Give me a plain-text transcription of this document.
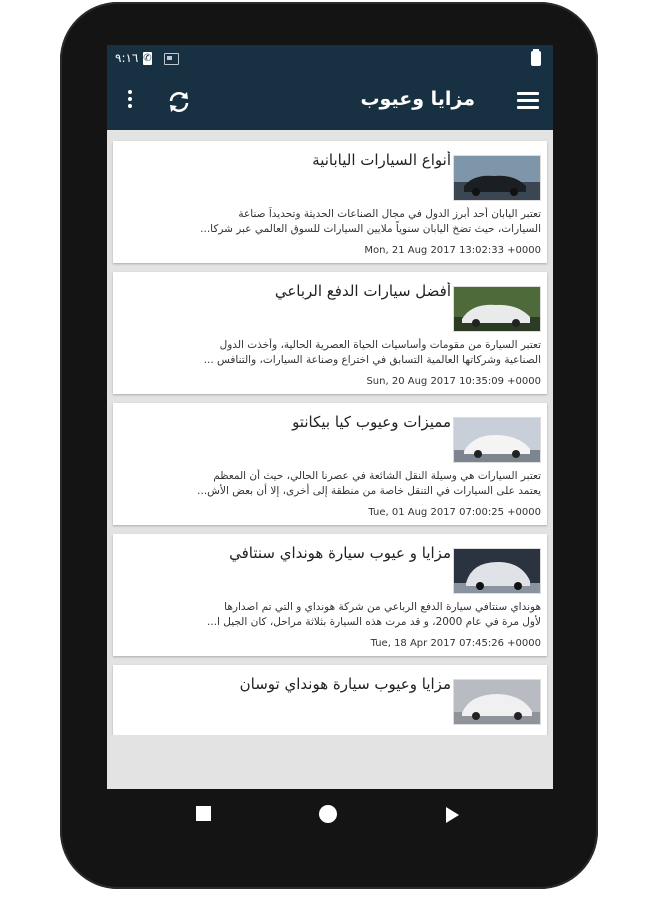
٩:١٦ ✆
مزايا وعيوب
أنواع السيارات اليابانية
تعتبر اليابان أحد أبرز الدول في مجال الصناعات الحديثة وتحديداً صناعة
السيارات، حيث تضخ اليابان سنوياً ملايين السيارات للسوق العالمي عبر شركا...
Mon, 21 Aug 2017 13:02:33 +0000
أفضل سيارات الدفع الرباعي
تعتبر السيارة من مقومات وأساسيات الحياة العصرية الحالية، وأخذت الدول
الصناعية وشركاتها العالمية التسابق في اختراع وصناعة السيارات، والتنافس ...
Sun, 20 Aug 2017 10:35:09 +0000
مميزات وعيوب كيا بيكانتو
تعتبر السيارات هي وسيلة النقل الشائعة في عصرنا الحالي، حيث أن المعظم
يعتمد على السيارات في التنقل خاصة من منطقة إلى أخرى، إلا أن بعض الأش...
Tue, 01 Aug 2017 07:00:25 +0000
مزايا و عيوب سيارة هونداي سنتافي
هونداي سنتافي سيارة الدفع الرباعي من شركة هونداي و التي تم اصدارها
لأول مرة في عام 2000، و قد مرت هذه السيارة بثلاثة مراحل، كان الجيل ا...
Tue, 18 Apr 2017 07:45:26 +0000
مزايا وعيوب سيارة هونداي توسان
